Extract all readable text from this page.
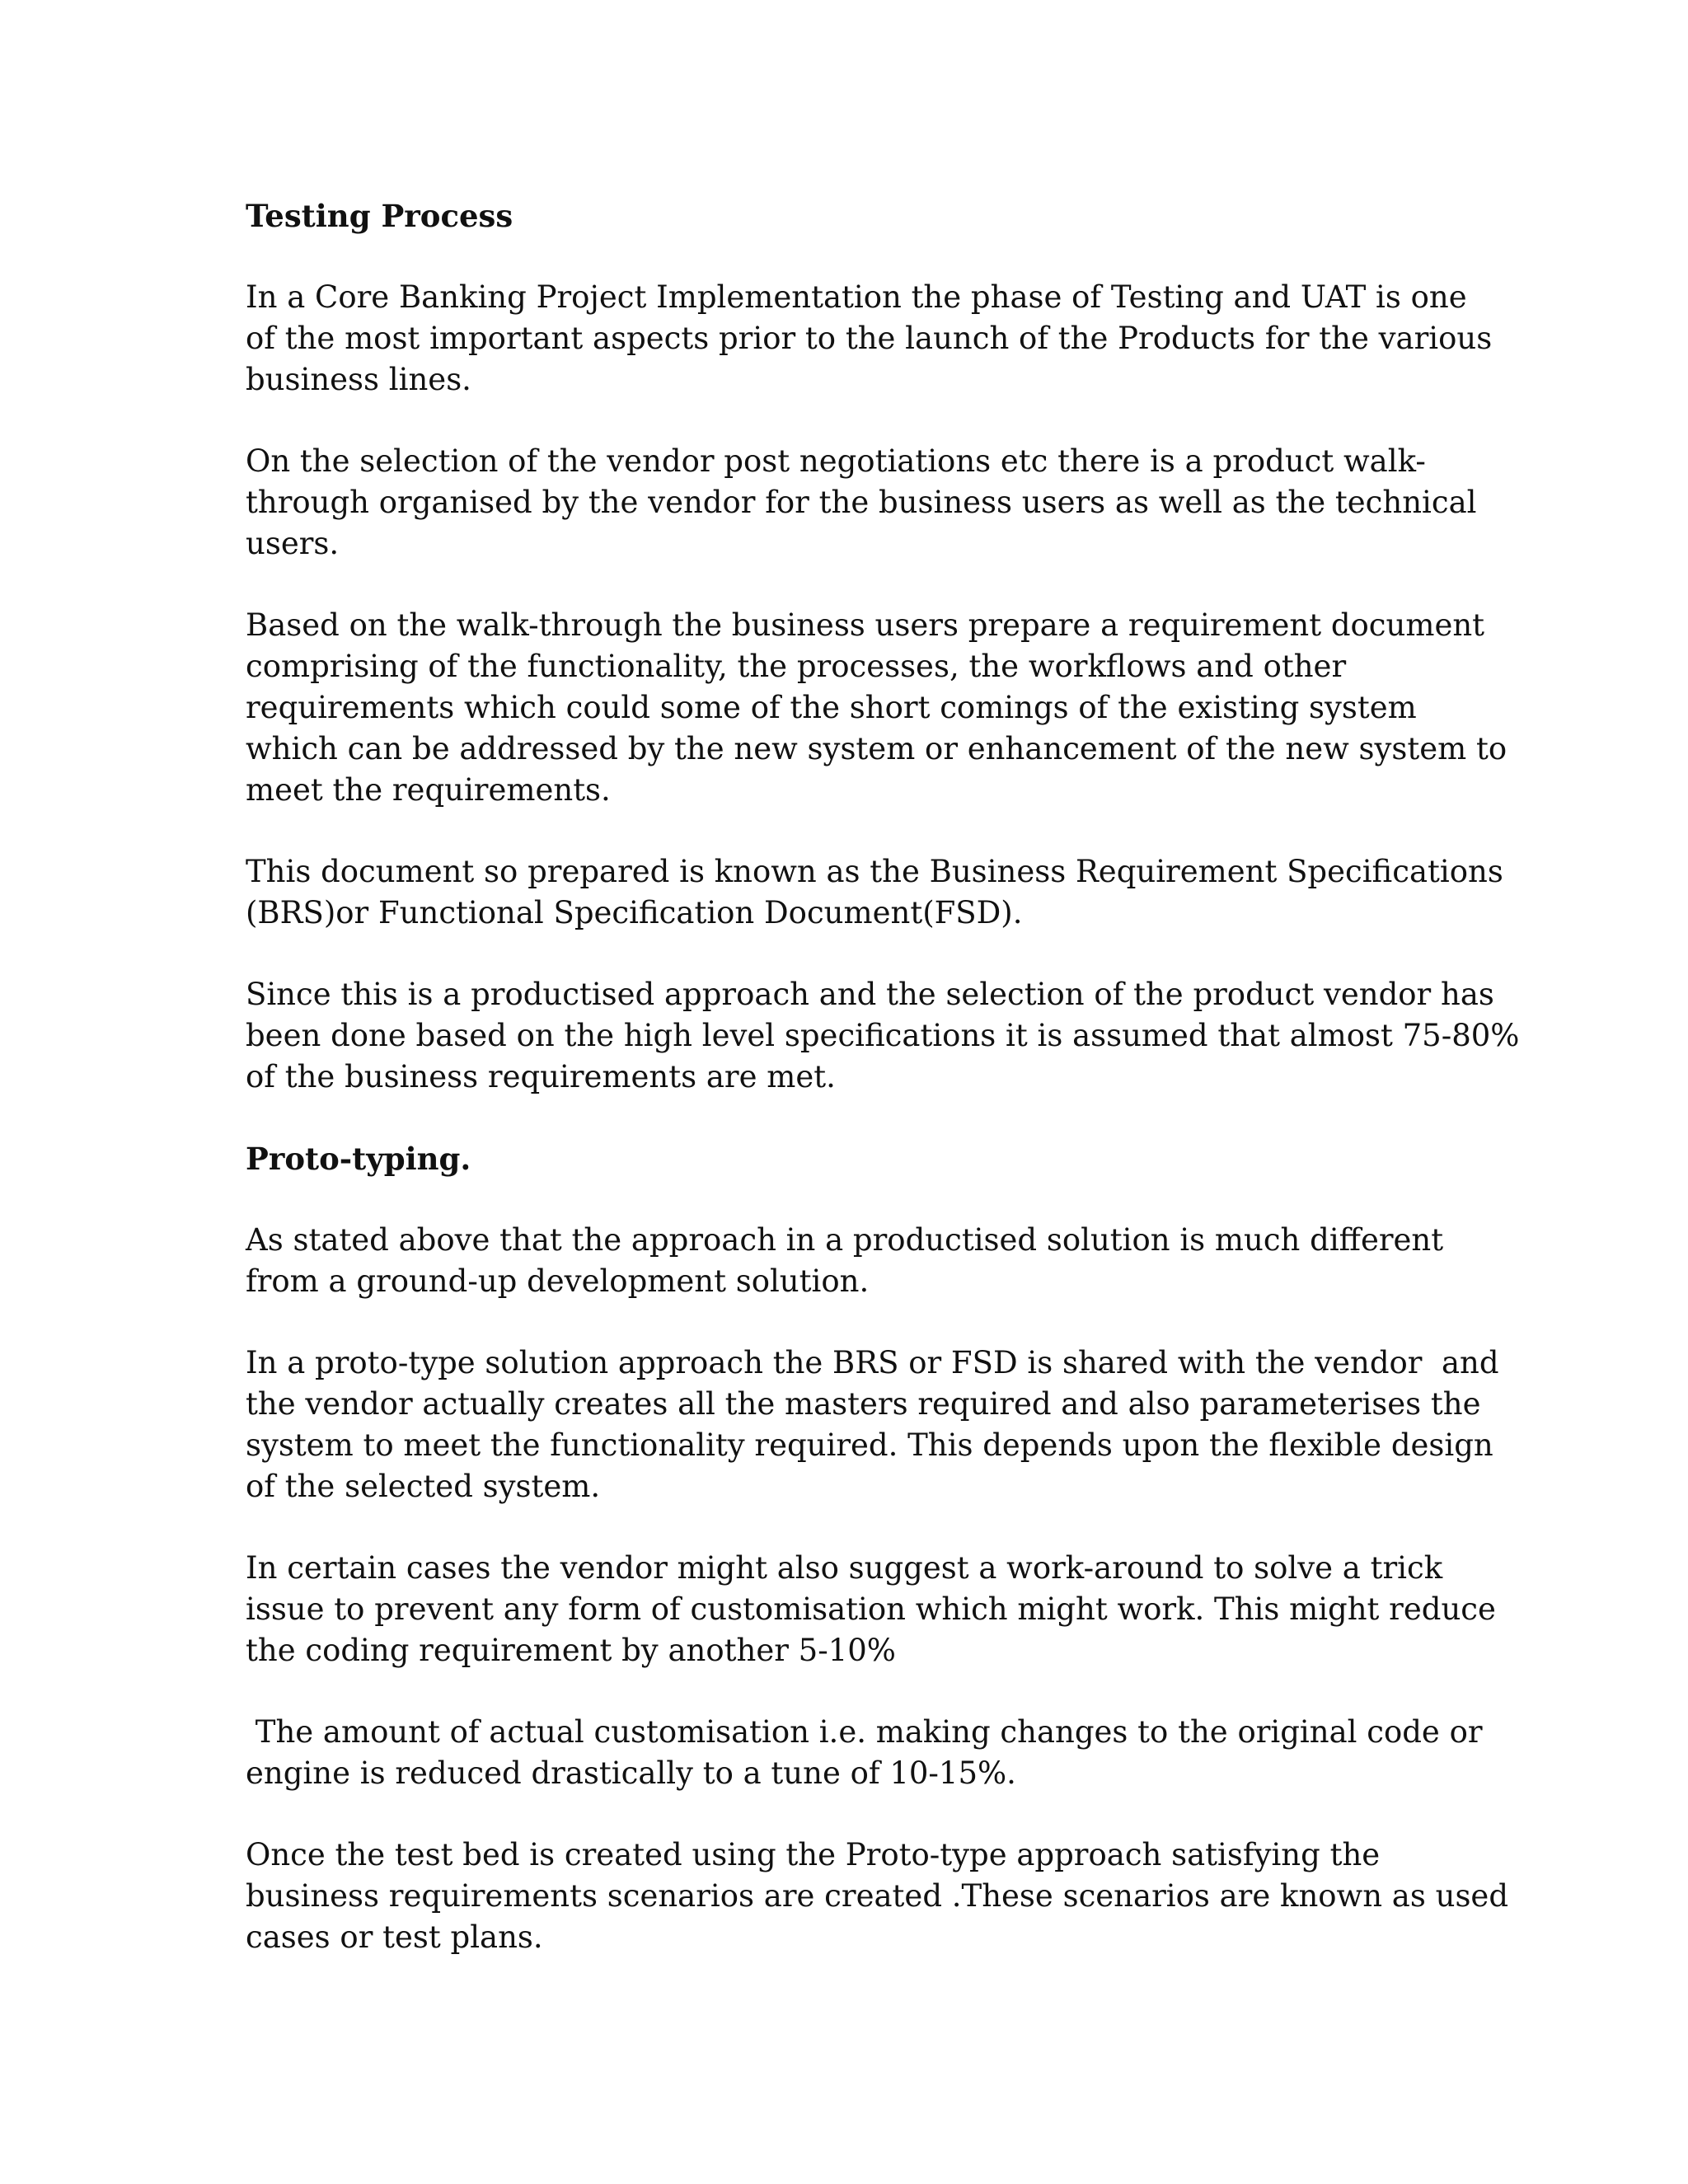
Testing Process
In a Core Banking Project Implementation the phase of Testing and UAT is one
of the most important aspects prior to the launch of the Products for the various
business lines.
On the selection of the vendor post negotiations etc there is a product walk-
through organised by the vendor for the business users as well as the technical
users.
Based on the walk-through the business users prepare a requirement document
comprising of the functionality, the processes, the workflows and other
requirements which could some of the short comings of the existing system
which can be addressed by the new system or enhancement of the new system to
meet the requirements.
This document so prepared is known as the Business Requirement Specifications
(BRS)or Functional Specification Document(FSD).
Since this is a productised approach and the selection of the product vendor has
been done based on the high level specifications it is assumed that almost 75-80%
of the business requirements are met.
Proto-typing.
As stated above that the approach in a productised solution is much different
from a ground-up development solution.
In a proto-type solution approach the BRS or FSD is shared with the vendor  and
the vendor actually creates all the masters required and also parameterises the
system to meet the functionality required. This depends upon the flexible design
of the selected system.
In certain cases the vendor might also suggest a work-around to solve a trick
issue to prevent any form of customisation which might work. This might reduce
the coding requirement by another 5-10%
The amount of actual customisation i.e. making changes to the original code or
engine is reduced drastically to a tune of 10-15%.
Once the test bed is created using the Proto-type approach satisfying the
business requirements scenarios are created .These scenarios are known as used
cases or test plans.
